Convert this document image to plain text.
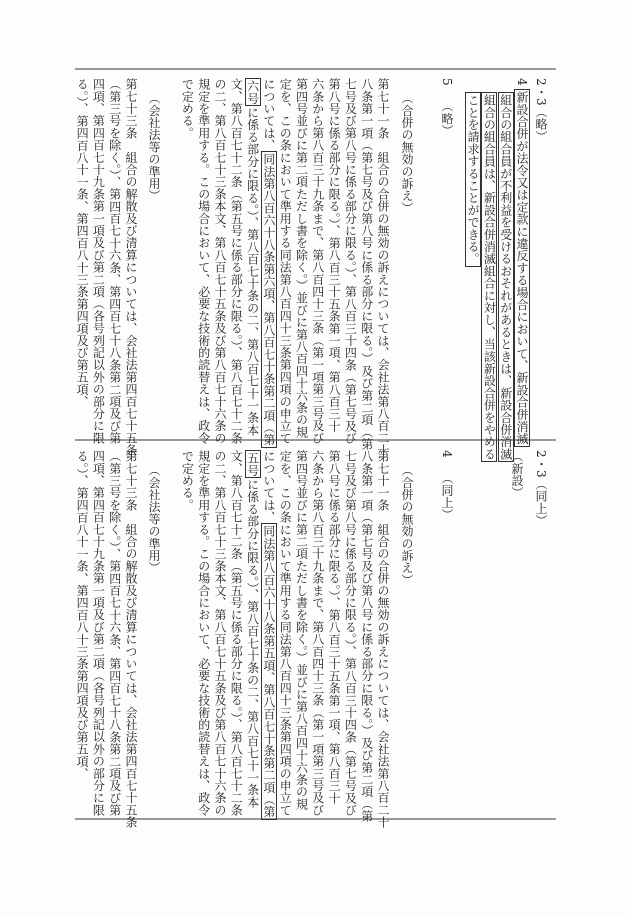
2・3（略）
4新設合併が法令又は定款に違反する場合において、新設合併消滅
組合の組合員が不利益を受けるおそれがあるときは、新設合併消滅
組合の組合員は、新設合併消滅組合に対し、当該新設合併をやめる
ことを請求することができる。
5（略）
（合併の無効の訴え）
第七十一条　組合の合併の無効の訴えについては、会社法第八百二十
八条第一項（第七号及び第八号に係る部分に限る。）及び第二項（第
七号及び第八号に係る部分に限る。）、第八百三十四条（第七号及び
第八号に係る部分に限る。）、第八百三十五条第一項、第八百三十
六条から第八百三十九条まで、第八百四十三条（第一項第三号及び
第四号並びに第二項ただし書を除く。）並びに第八百四十六条の規
定を、この条において準用する同法第八百四十三条第四項の申立て
については、同法第八百六十八条第六項、第八百七十条第二項（第
六号に係る部分に限る。）、第八百七十条の二、第八百七十一条本
文、第八百七十二条（第五号に係る部分に限る。）、第八百七十二条
の二、第八百七十三条本文、第八百七十五条及び第八百七十六条の
規定を準用する。この場合において、必要な技術的読替えは、政令
で定める。
（会社法等の準用）
第七十三条　組合の解散及び清算については、会社法第四百七十五条
（第三号を除く。）、第四百七十六条、第四百七十八条第二項及び第
四項、第四百七十九条第一項及び第二項（各号列記以外の部分に限
る。）、第四百八十一条、第四百八十三条第四項及び第五項、
2・3（同上）
（新設）
4（同上）
（合併の無効の訴え）
第七十一条　組合の合併の無効の訴えについては、会社法第八百二十
八条第一項（第七号及び第八号に係る部分に限る。）及び第二項（第
七号及び第八号に係る部分に限る。）、第八百三十四条（第七号及び
第八号に係る部分に限る。）、第八百三十五条第一項、第八百三十
六条から第八百三十九条まで、第八百四十三条（第一項第三号及び
第四号並びに第二項ただし書を除く。）並びに第八百四十六条の規
定を、この条において準用する同法第八百四十三条第四項の申立て
については、同法第八百六十八条第五項、第八百七十条第二項（第
五号に係る部分に限る。）、第八百七十条の二、第八百七十一条本
文、第八百七十二条（第五号に係る部分に限る。）、第八百七十二条
の二、第八百七十三条本文、第八百七十五条及び第八百七十六条の
規定を準用する。この場合において、必要な技術的読替えは、政令
で定める。
（会社法等の準用）
第七十三条　組合の解散及び清算については、会社法第四百七十五条
（第三号を除く。）、第四百七十六条、第四百七十八条第二項及び第
四項、第四百七十九条第一項及び第二項（各号列記以外の部分に限
る。）、第四百八十一条、第四百八十三条第四項及び第五項、
